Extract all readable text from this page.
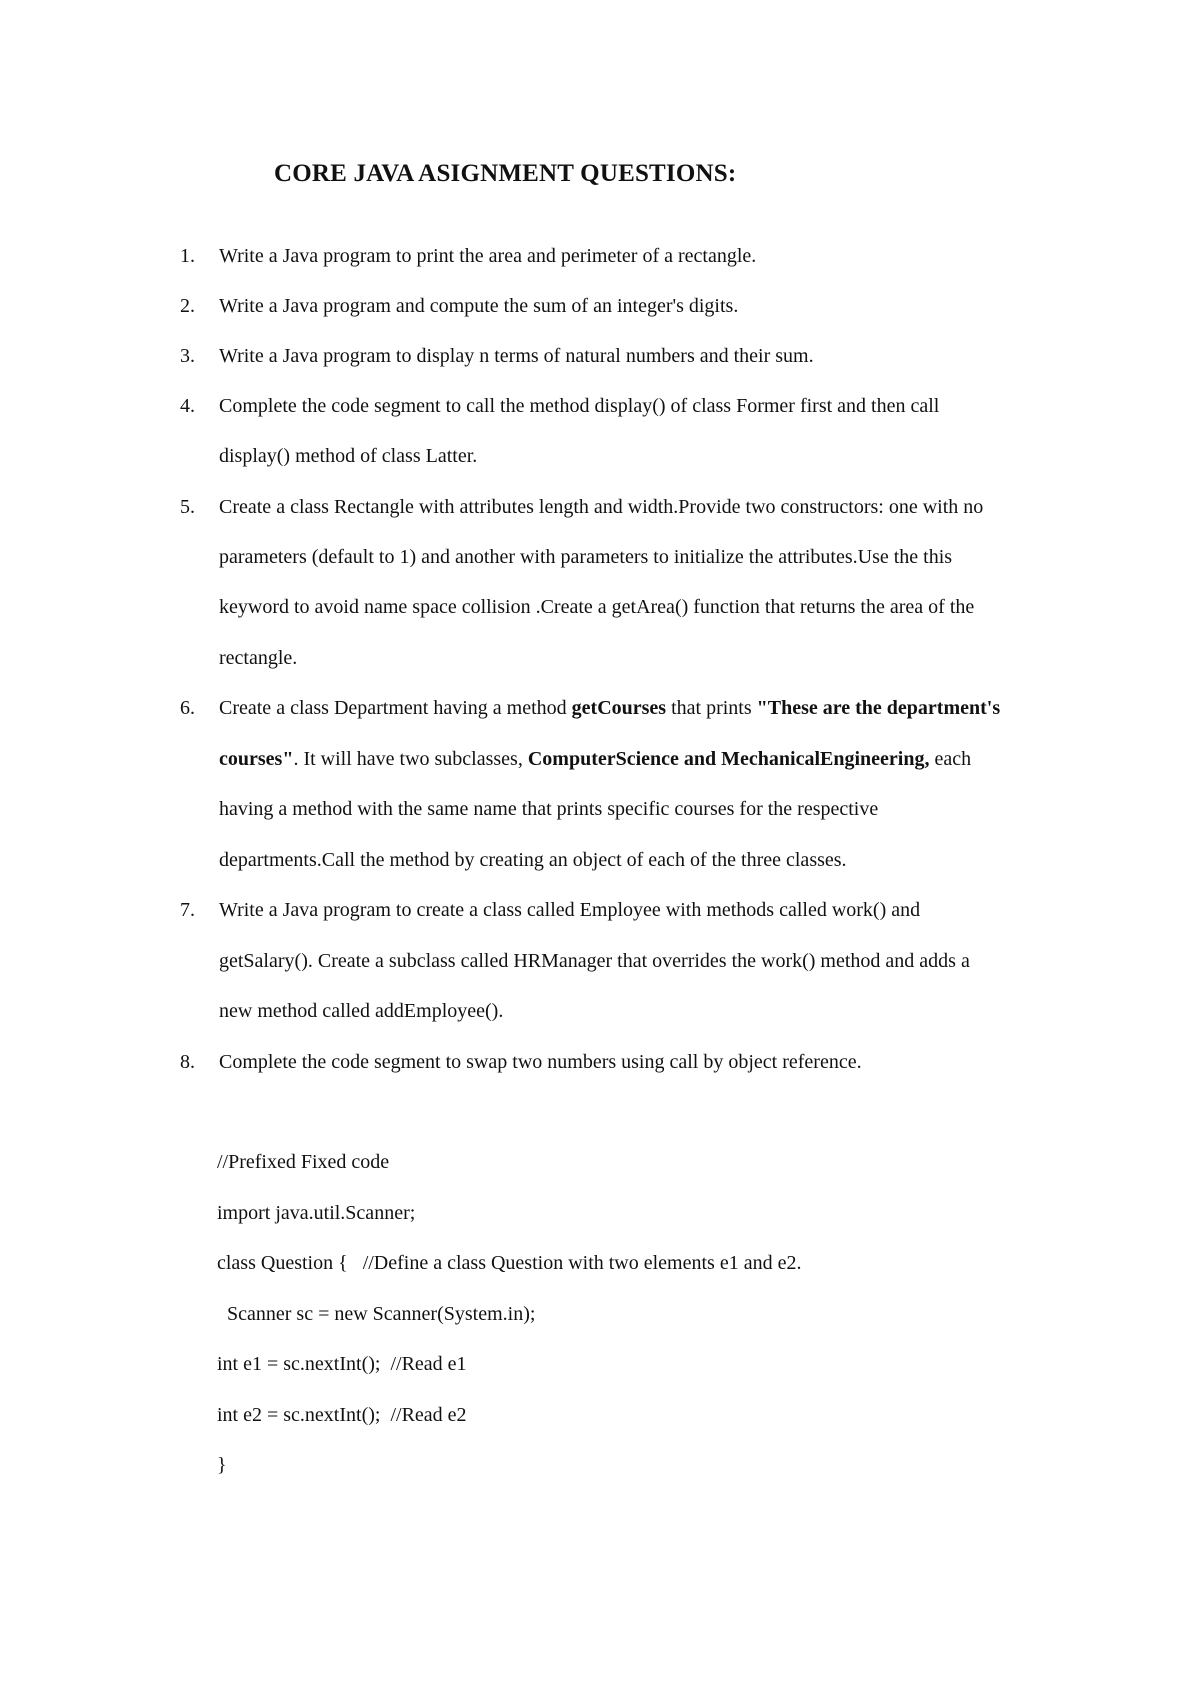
CORE JAVA ASIGNMENT QUESTIONS:
1.	Write a Java program to print the area and perimeter of a rectangle.
2.	Write a Java program and compute the sum of an integer's digits.
3.	Write a Java program to display n terms of natural numbers and their sum.
4.	Complete the code segment to call the method display() of class Former first and then call
display() method of class Latter.
5.	Create a class Rectangle with attributes length and width.Provide two constructors: one with no
parameters (default to 1) and another with parameters to initialize the attributes.Use the this
keyword to avoid name space collision .Create a getArea() function that returns the area of the
rectangle.
6.	Create a class Department having a method getCourses that prints "These are the department's
courses". It will have two subclasses, ComputerScience and MechanicalEngineering, each
having a method with the same name that prints specific courses for the respective
departments.Call the method by creating an object of each of the three classes.
7.	Write a Java program to create a class called Employee with methods called work() and
getSalary(). Create a subclass called HRManager that overrides the work() method and adds a
new method called addEmployee().
8.	Complete the code segment to swap two numbers using call by object reference.
//Prefixed Fixed code
import java.util.Scanner;
class Question {   //Define a class Question with two elements e1 and e2.
Scanner sc = new Scanner(System.in);
int e1 = sc.nextInt();  //Read e1
int e2 = sc.nextInt();  //Read e2
}
